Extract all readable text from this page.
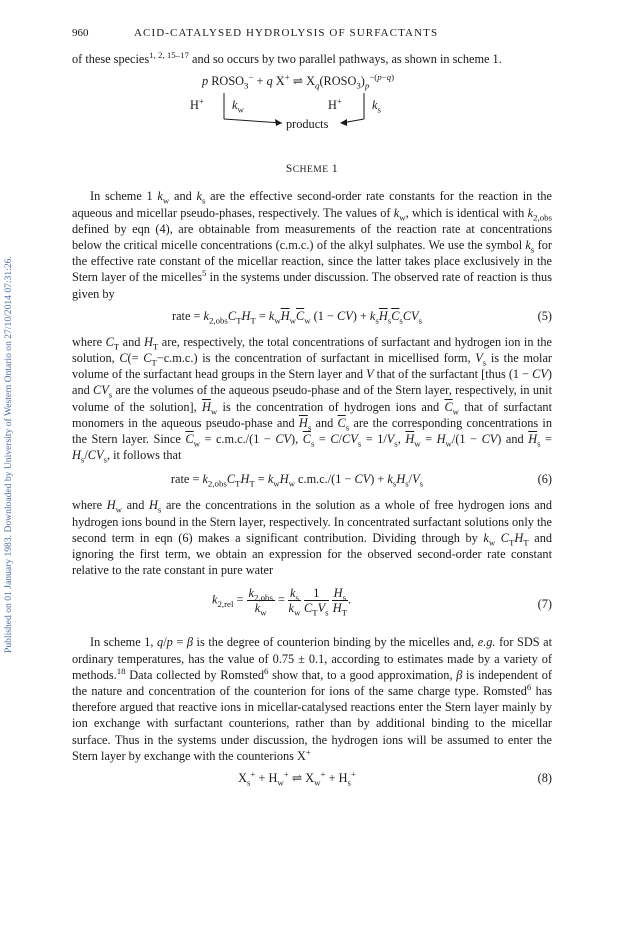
Published on 01 January 1983. Downloaded by University of Western Ontario on 27/10/2014 07:31:26.
960	ACID-CATALYSED HYDROLYSIS OF SURFACTANTS

of these species$^{1, 2, 15-17}$ and so occurs by two parallel pathways, as shown in scheme 1.

p $ROSO_3^- + q$ X+ ⇌ $X_q(ROSO_3)_p^{-(p-q)}$
H+ $k_w$	H+ $k_s$
products
SCHEME 1

In scheme 1 $k_w$ and $k_s$ are the effective second-order rate constants for the reaction in the aqueous and micellar pseudo-phases, respectively. The values of $k_w$, which is identical with $k_{2,obs}$ defined by eqn (4), are obtainable from measurements of the reaction rate at concentrations below the critical micelle concentrations (c.m.c.) of the alkyl sulphates. We use the symbol $k_s$ for the effective rate constant of the micellar reaction, since the latter takes place exclusively in the Stern layer of the micelles$^5$ in the systems under discussion. The observed rate of reaction is thus given by

rate = $k_{2,obs}C_TH_T = k_w\overline{H}_w\overline{C}_w$ $(1 - CV) + k_s\overline{H}_s\overline{C}_sCV_s$	(5)

where $C_T$ and $H_T$ are, respectively, the total concentrations of surfactant and hydrogen ion in the solution, $C(= C_T-c.m.c.)$ is the concentration of surfactant in micellised form, $V_s$ is the molar volume of the surfactant head groups in the Stern layer and V that of the surfactant [thus (1 − CV) and $CV_s$ are the volumes of the aqueous pseudo-phase and of the Stern layer, respectively, in unit volume of the solution], $\overline{H}_w$ is the concentration of hydrogen ions and $\overline{C}_w$ that of surfactant monomers in the aqueous pseudo-phase and $\overline{H}_s$ and $\overline{C}_s$ are the corresponding concentrations in the Stern layer. Since $\overline{C}_w = c.m.c./(1 - CV)$, $\overline{C}_s = C/CV_s = 1/V_s$, $\overline{H}_w = H_w/(1 - CV)$ and $\overline{H}_s = H_s/CV_s$, it follows that

rate = $k_{2,obs}C_TH_T = k_wH_w$ $c.m.c./(1 - CV) + k_sH_s/V_s$	(6)

where $H_w$ and $H_s$ are the concentrations in the solution as a whole of free hydrogen ions and hydrogen ions bound in the Stern layer, respectively. In concentrated surfactant solutions only the second term in eqn (6) makes a significant contribution. Dividing through by $k_w$ $C_TH_T$ and ignoring the first term, we obtain an expression for the observed second-order rate constant relative to the rate constant in pure water

$k_{2,rel} = \frac{k_{2,obs}}{k_w} = \frac{k_s}{k_w}$
$\frac{1}{C_TV_s}$
$\frac{H_s}{H_T}$ .	(7)

In scheme 1, q/p = β is the degree of counterion binding by the micelles and, e.g. for SDS at ordinary temperatures, has the value of 0.75 ± 0.1, according to estimates made by a variety of methods.$^{18}$ Data collected by Romsted$^6$ show that, to a good approximation, β is independent of the nature and concentration of the counterion for ions of the same charge type. Romsted$^6$ has therefore argued that reactive ions in micellar-catalysed reactions enter the Stern layer mainly by ion exchange with surfactant counterions, rather than by additional binding to the micellar surface. Thus in the systems under discussion, the hydrogen ions will be assumed to enter the Stern layer by exchange with the counterions X+

$X_s^+ + H_w^+$ ⇌ $X_w^+ + H_s^+$	(8)
